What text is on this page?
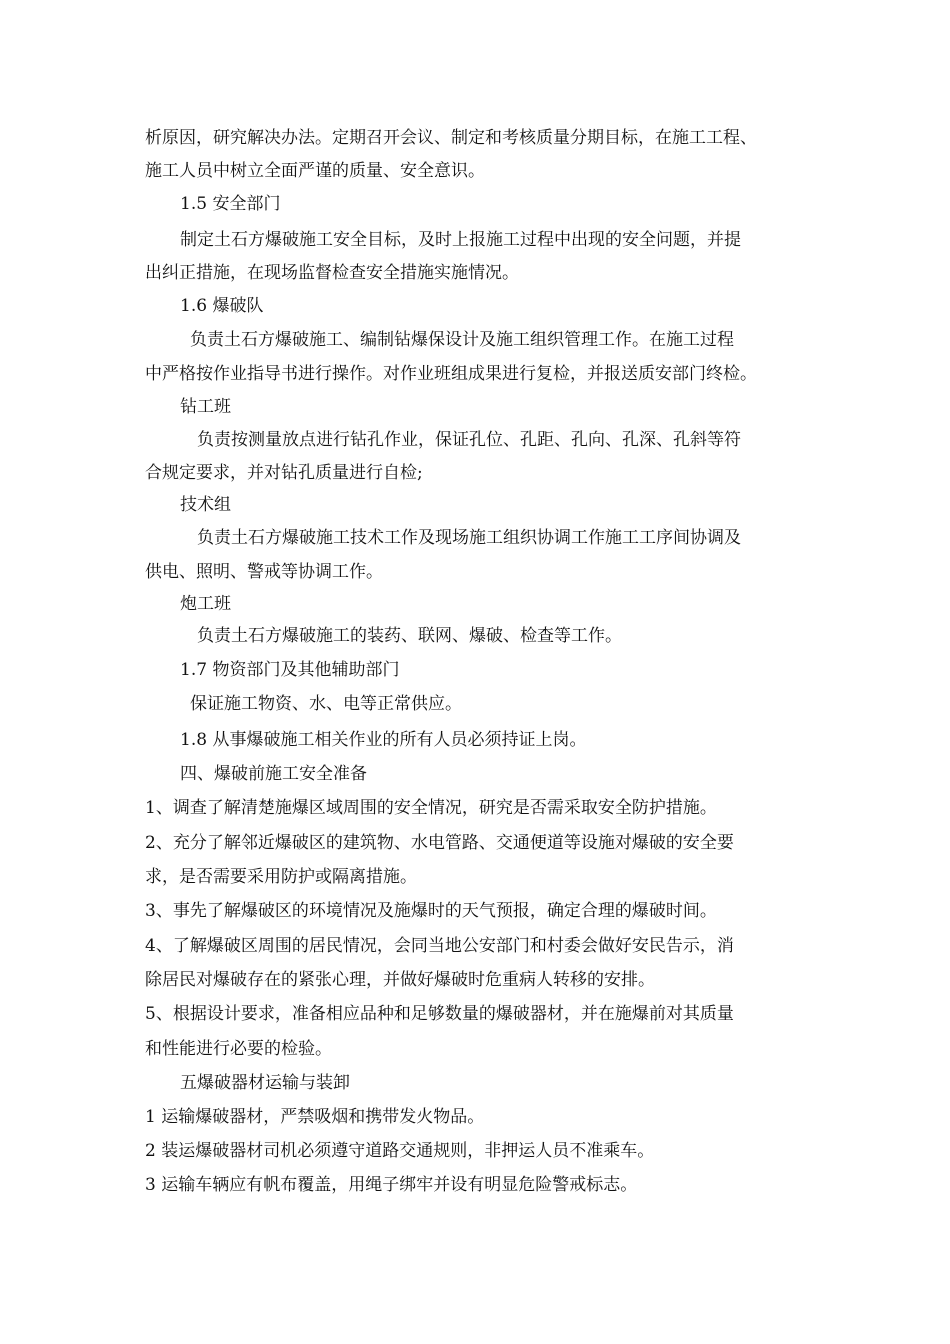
析原因，研究解决办法。定期召开会议、制定和考核质量分期目标，在施工工程、
施工人员中树立全面严谨的质量、安全意识。
1.5 安全部门
制定土石方爆破施工安全目标，及时上报施工过程中出现的安全问题，并提
出纠正措施，在现场监督检查安全措施实施情况。
1.6 爆破队
负责土石方爆破施工、编制钻爆保设计及施工组织管理工作。在施工过程
中严格按作业指导书进行操作。对作业班组成果进行复检，并报送质安部门终检。
钻工班
负责按测量放点进行钻孔作业，保证孔位、孔距、孔向、孔深、孔斜等符
合规定要求，并对钻孔质量进行自检;
技术组
负责土石方爆破施工技术工作及现场施工组织协调工作施工工序间协调及
供电、照明、警戒等协调工作。
炮工班
负责土石方爆破施工的装药、联网、爆破、检查等工作。
1.7 物资部门及其他辅助部门
保证施工物资、水、电等正常供应。
1.8 从事爆破施工相关作业的所有人员必须持证上岗。
四、爆破前施工安全准备
1、调查了解清楚施爆区域周围的安全情况，研究是否需采取安全防护措施。
2、充分了解邻近爆破区的建筑物、水电管路、交通便道等设施对爆破的安全要
求，是否需要采用防护或隔离措施。
3、事先了解爆破区的环境情况及施爆时的天气预报，确定合理的爆破时间。
4、了解爆破区周围的居民情况，会同当地公安部门和村委会做好安民告示，消
除居民对爆破存在的紧张心理，并做好爆破时危重病人转移的安排。
5、根据设计要求，准备相应品种和足够数量的爆破器材，并在施爆前对其质量
和性能进行必要的检验。
五爆破器材运输与装卸
1 运输爆破器材，严禁吸烟和携带发火物品。
2 装运爆破器材司机必须遵守道路交通规则，非押运人员不准乘车。
3 运输车辆应有帆布覆盖，用绳子绑牢并设有明显危险警戒标志。
